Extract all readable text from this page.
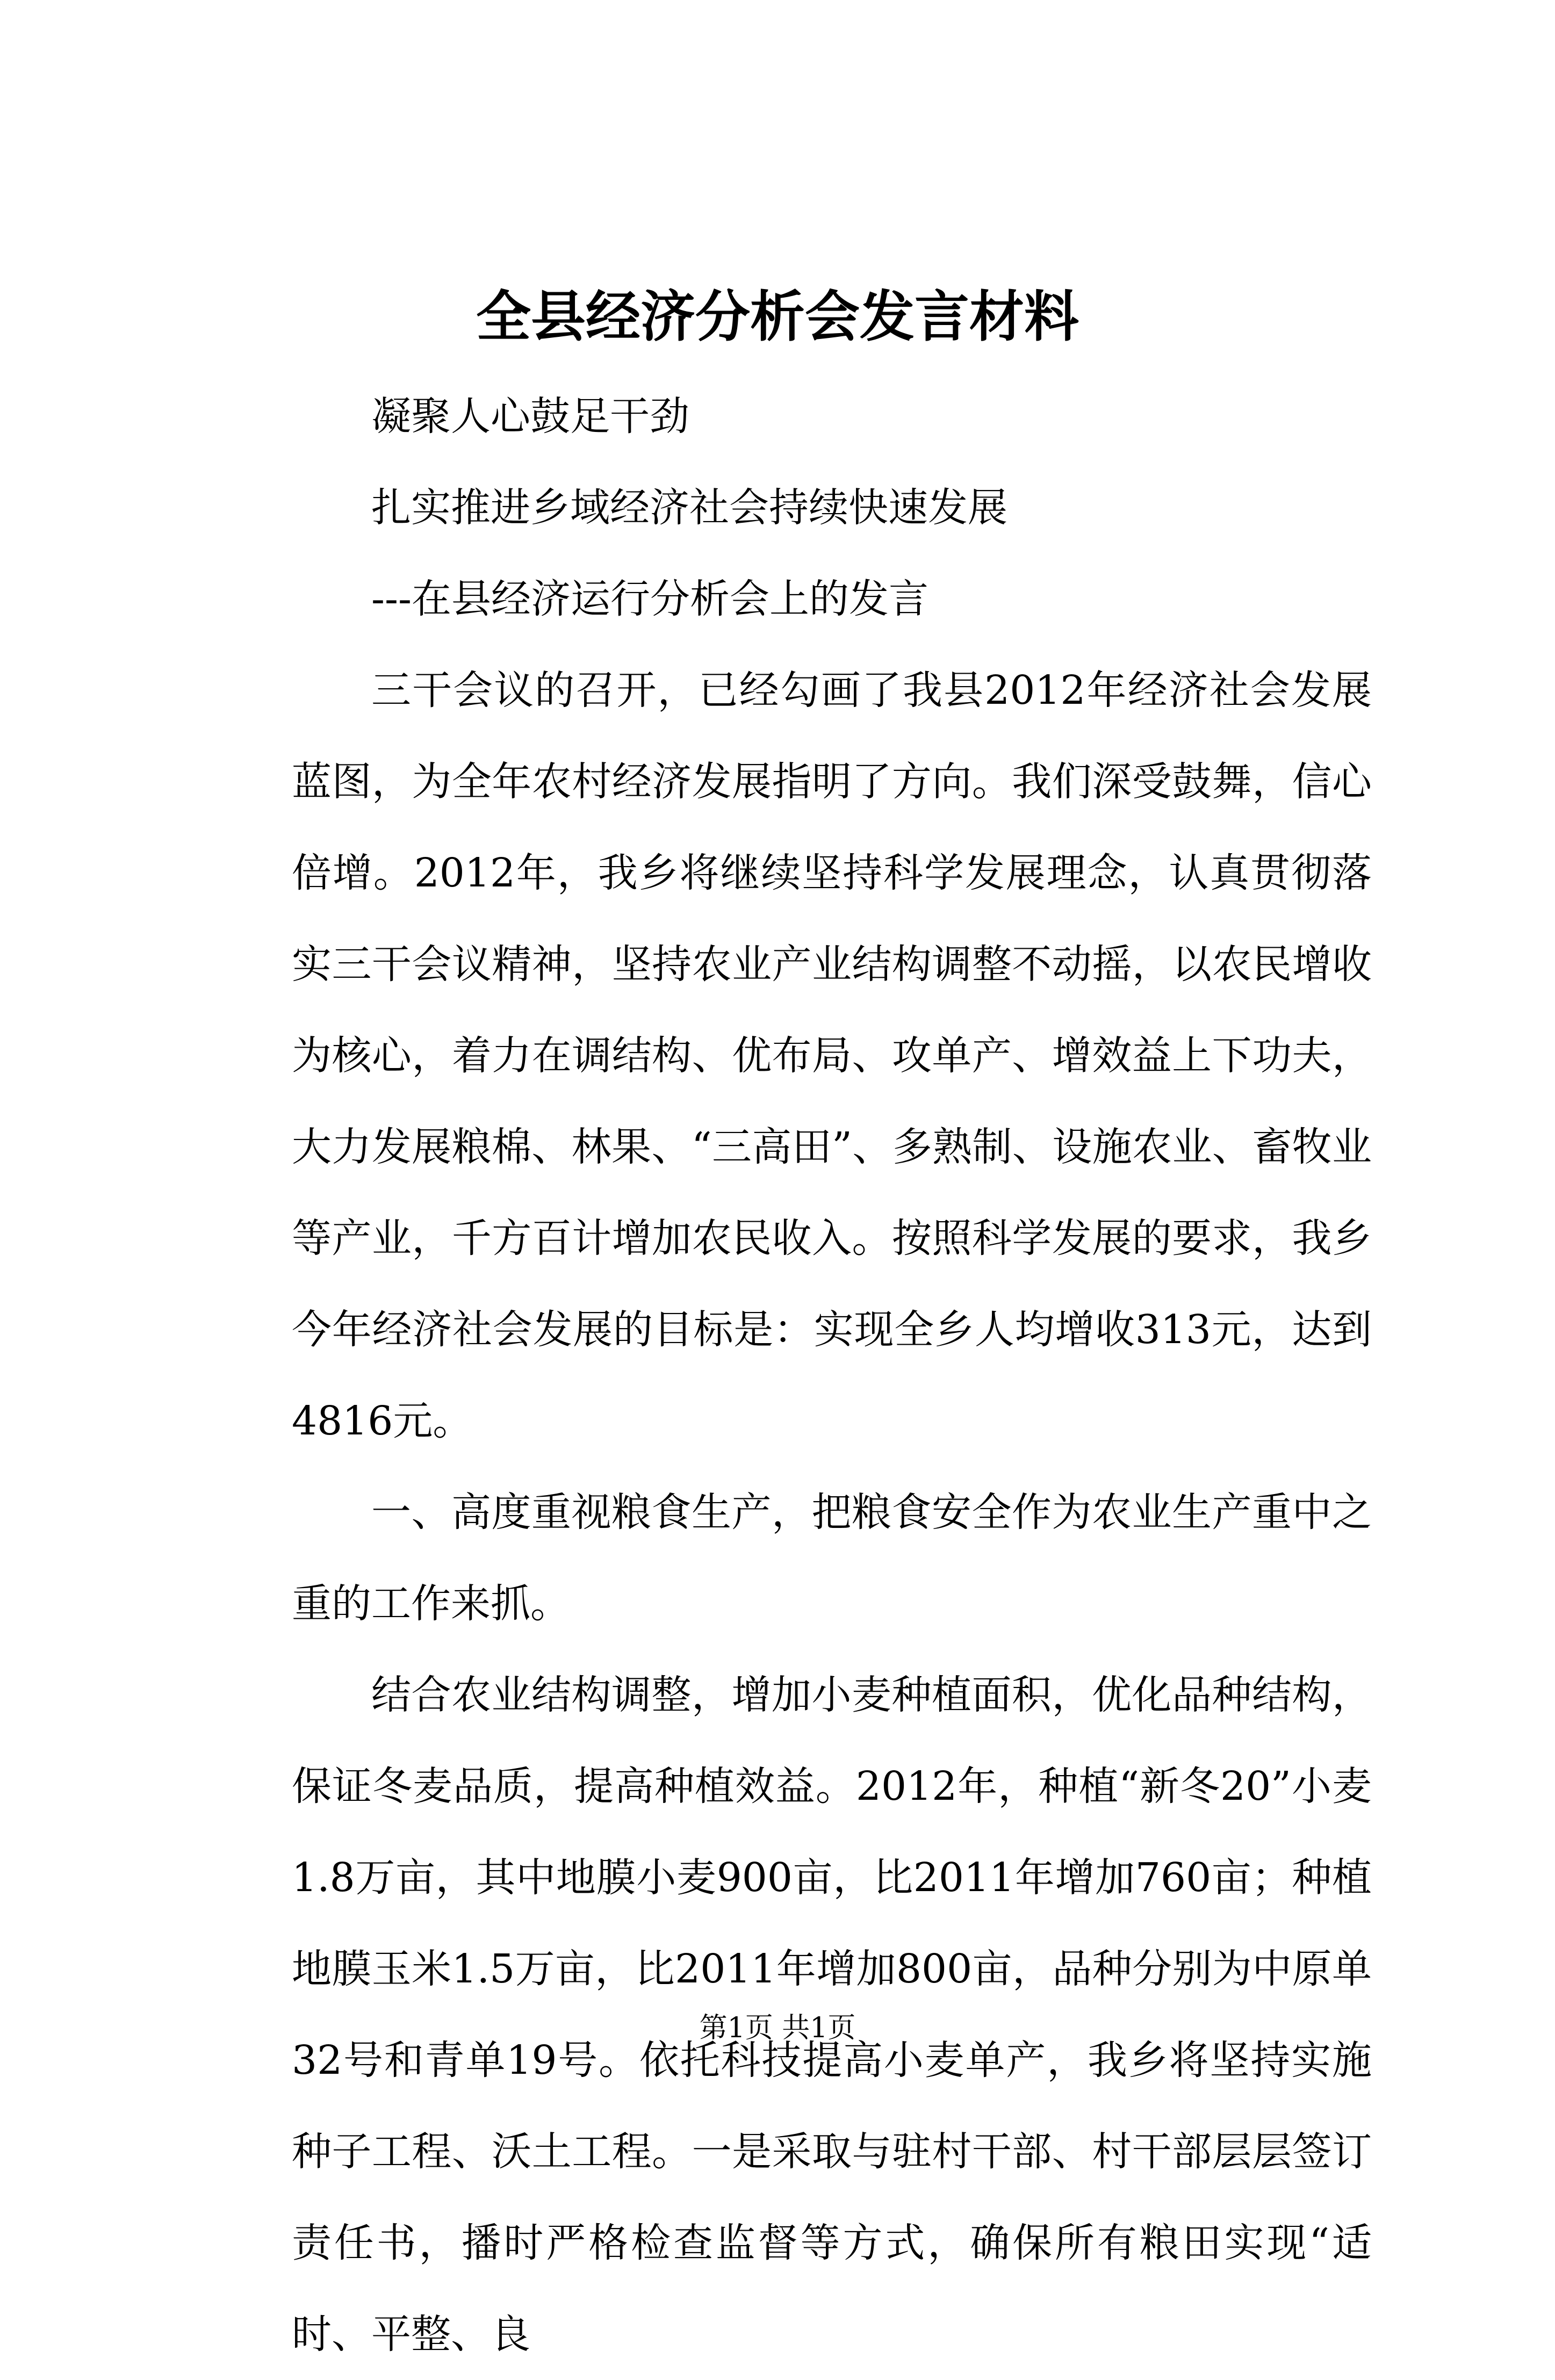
全县经济分析会发言材料

凝聚人心鼓足干劲

扎实推进乡域经济社会持续快速发展

---在县经济运行分析会上的发言

三干会议的召开，已经勾画了我县2012年经济社会发展蓝图，为全年农村经济发展指明了方向。我们深受鼓舞，信心倍增。2012年，我乡将继续坚持科学发展理念，认真贯彻落实三干会议精神，坚持农业产业结构调整不动摇，以农民增收为核心，着力在调结构、优布局、攻单产、增效益上下功夫，大力发展粮棉、林果、“三高田”、多熟制、设施农业、畜牧业等产业，千方百计增加农民收入。按照科学发展的要求，我乡今年经济社会发展的目标是：实现全乡人均增收313元，达到4816元。

一、高度重视粮食生产，把粮食安全作为农业生产重中之重的工作来抓。

结合农业结构调整，增加小麦种植面积，优化品种结构，保证冬麦品质，提高种植效益。2012年，种植“新冬20”小麦1.8万亩，其中地膜小麦900亩，比2011年增加760亩；种植地膜玉米1.5万亩，比2011年增加800亩，品种分别为中原单32号和青单19号。依托科技提高小麦单产，我乡将坚持实施种子工程、沃土工程。一是采取与驻村干部、村干部层层签订责任书，播时严格检查监督等方式，确保所有粮田实现“适时、平整、良

第1页 共1页
